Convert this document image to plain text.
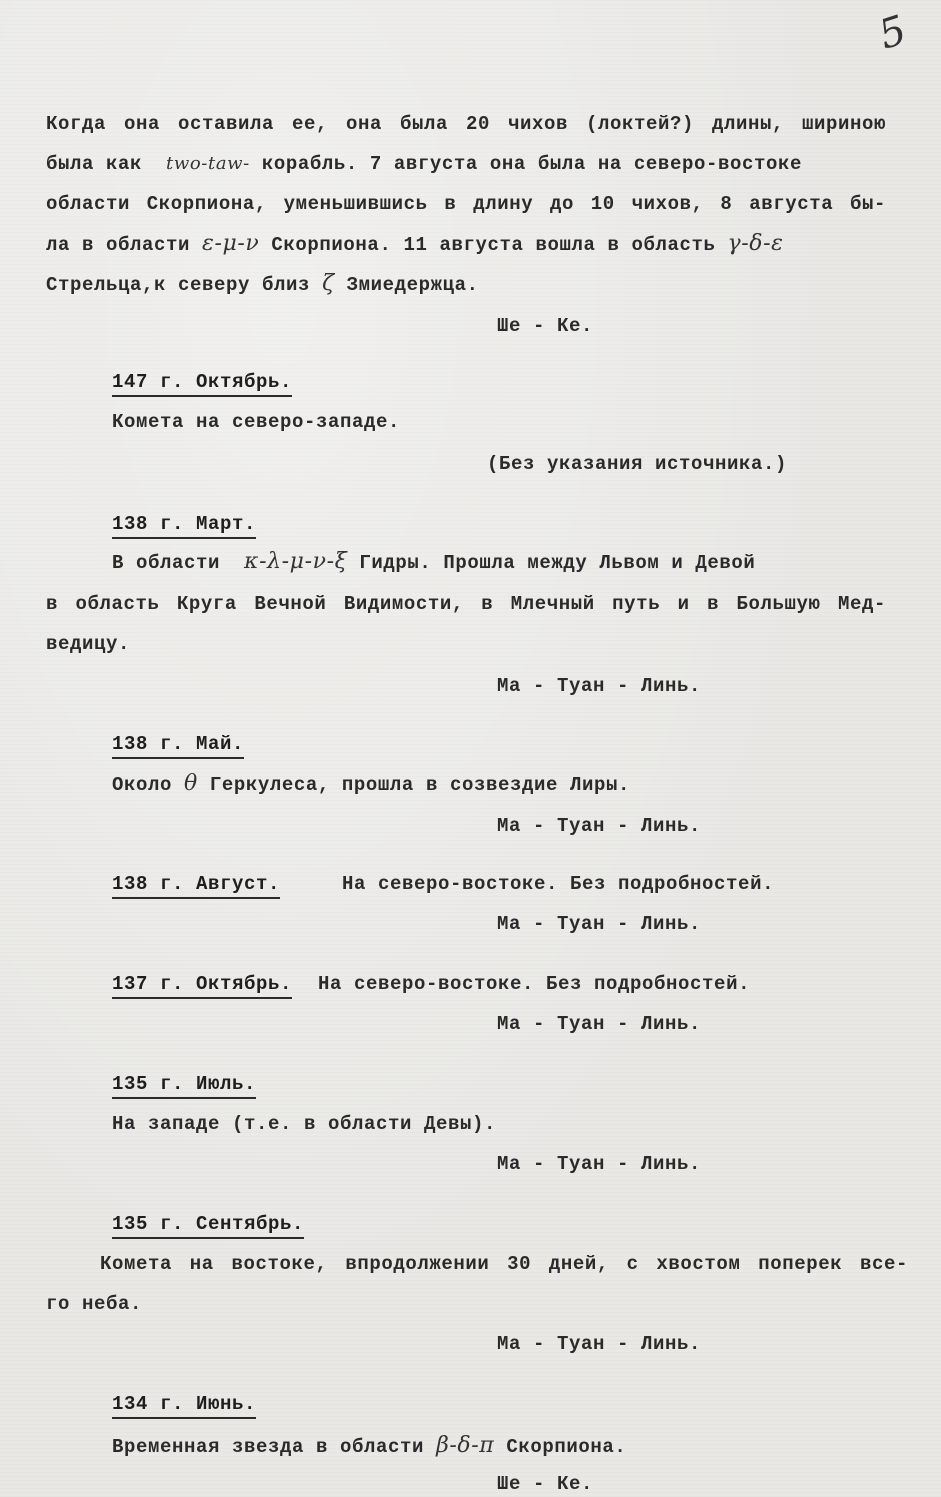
5
Когда она оставила ее, она была 20 чихов (локтей?) длины, шириною
была как two-taw- корабль. 7 августа она была на северо-востоке
области Скорпиона, уменьшившись в длину до 10 чихов, 8 августа бы-
ла в области ε-μ-ν Скорпиона. 11 августа вошла в область γ-δ-ε
Стрельца,к северу близ ζ Змиедержца.
Ше - Ке.
147 г. Октябрь.
Комета на северо-западе.
(Без указания источника.)
138 г. Март.
В области κ-λ-μ-ν-ξ Гидры. Прошла между Львом и Девой
в область Круга Вечной Видимости, в Млечный путь и в Большую Мед-
ведицу.
Ма - Туан - Линь.
138 г. Май.
Около θ Геркулеса, прошла в созвездие Лиры.
Ма - Туан - Линь.
138 г. Август.	На северо-востоке. Без подробностей.
Ма - Туан - Линь.
137 г. Октябрь. На северо-востоке. Без подробностей.
Ма - Туан - Линь.
135 г. Июль.
На западе (т.е. в области Девы).
Ма - Туан - Линь.
135 г. Сентябрь.
Комета на востоке, впродолжении 30 дней, с хвостом поперек все-
го неба.
Ма - Туан - Линь.
134 г. Июнь.
Временная звезда в области β-δ-π Скорпиона.
Ше - Ке.
